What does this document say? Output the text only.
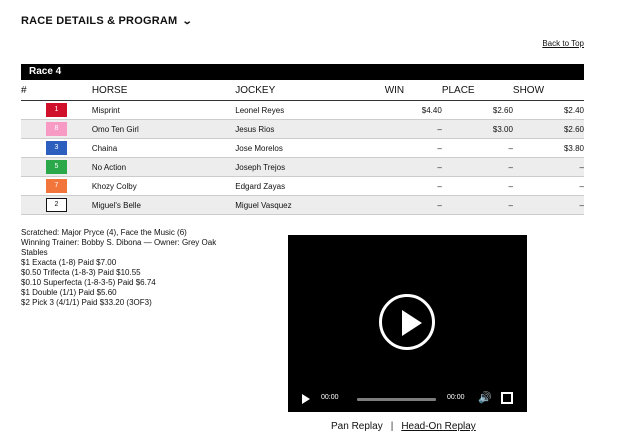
RACE DETAILS & PROGRAM ⌄
Back to Top
Race 4
#	HORSE	JOCKEY	WIN	PLACE	SHOW
1	Misprint	Leonel Reyes	$4.40	$2.60	$2.40
8	Omo Ten Girl	Jesus Rios	–	$3.00	$2.60
3	Chaina	Jose Morelos	–	–	$3.80
5	No Action	Joseph Trejos	–	–	–
7	Khozy Colby	Edgard Zayas	–	–	–
2	Miguel's Belle	Miguel Vasquez	–	–	–
Scratched: Major Pryce (4), Face the Music (6)
Winning Trainer: Bobby S. Dibona — Owner: Grey Oak Stables
$1 Exacta (1-8) Paid $7.00
$0.50 Trifecta (1-8-3) Paid $10.55
$0.10 Superfecta (1-8-3-5) Paid $6.74
$1 Double (1/1) Paid $5.60
$2 Pick 3 (4/1/1) Paid $33.20 (3OF3)
00:00	00:00 🔊
Pan Replay | Head-On Replay
